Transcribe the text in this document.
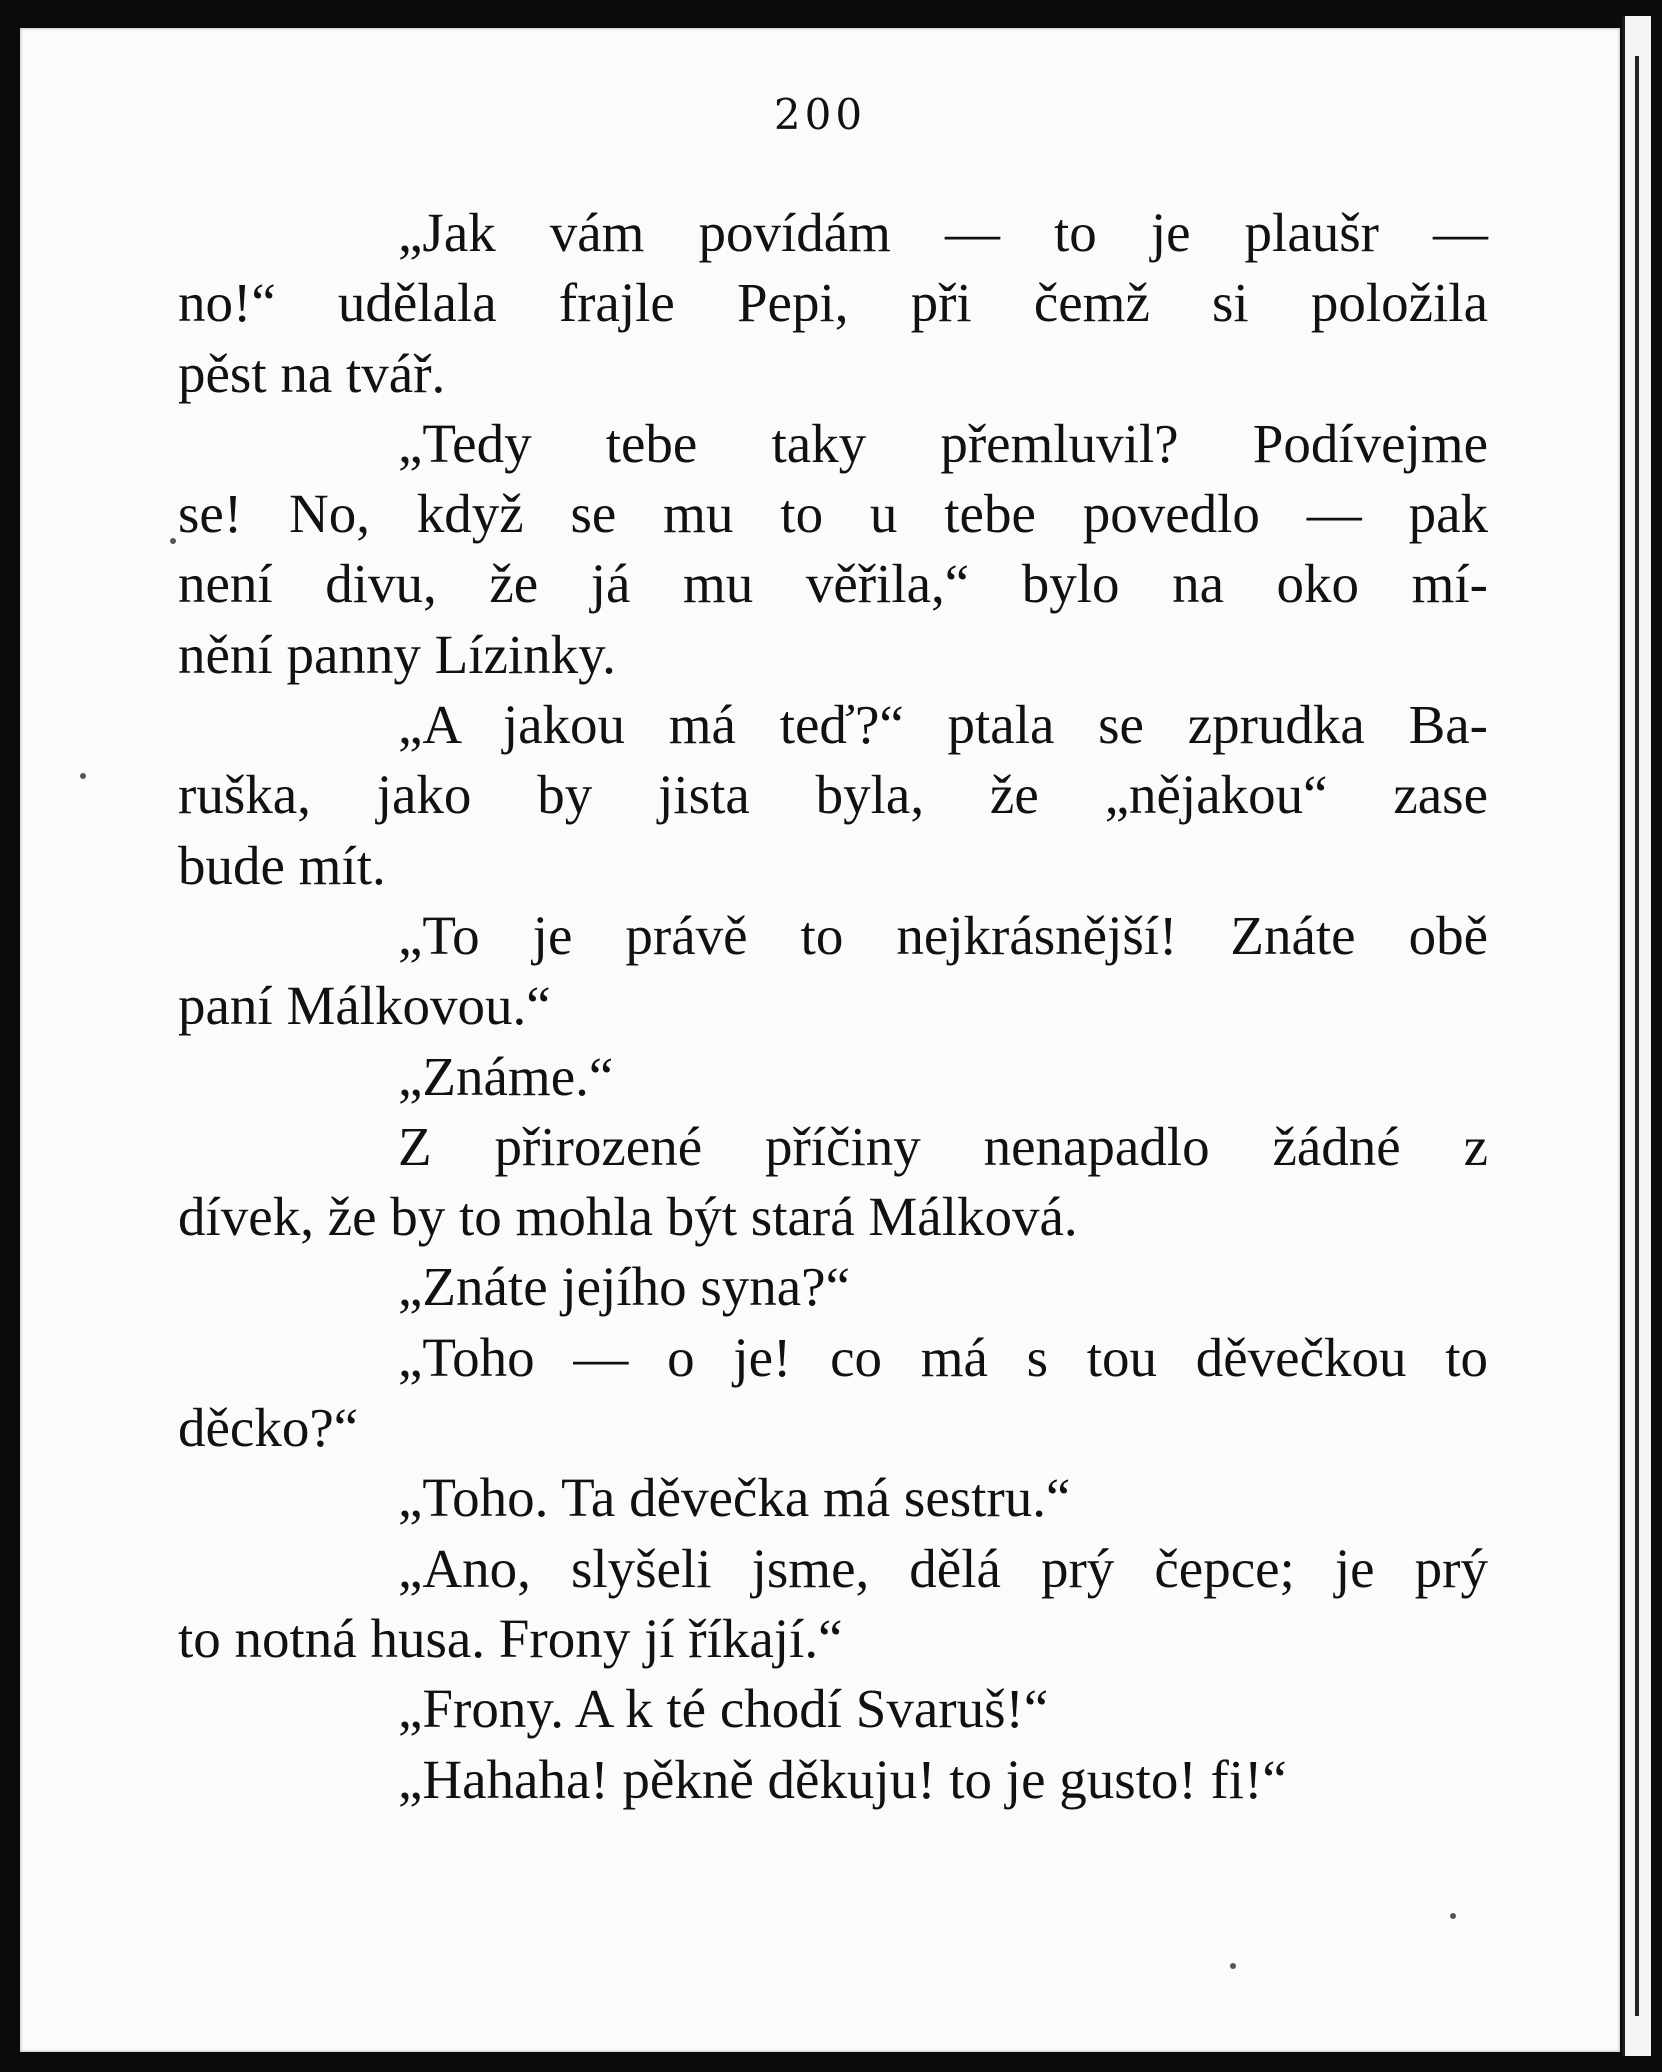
200

„Jak vám povídám — to je plaušr —
no!“ udělala frajle Pepi, při čemž si položila
pěst na tvář.

„Tedy tebe taky přemluvil? Podívejme
se! No, když se mu to u tebe povedlo — pak
není divu, že já mu věřila,“ bylo na oko mí-
nění panny Lízinky.

„A jakou má teď?“ ptala se zprudka Ba-
ruška, jako by jista byla, že „nějakou“ zase
bude mít.

„To je právě to nejkrásnější! Znáte obě
paní Málkovou.“

„Známe.“

Z přirozené příčiny nenapadlo žádné z
dívek, že by to mohla být stará Málková.

„Znáte jejího syna?“

„Toho — o je! co má s tou děvečkou to
děcko?“

„Toho. Ta děvečka má sestru.“

„Ano, slyšeli jsme, dělá prý čepce; je prý
to notná husa. Frony jí říkají.“

„Frony. A k té chodí Svaruš!“

„Hahaha! pěkně děkuju! to je gusto! fi!“
